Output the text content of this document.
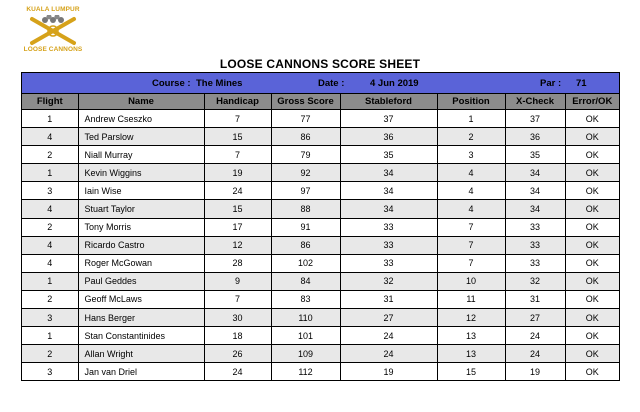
KUALA LUMPUR
LOOSE CANNONS
LOOSE CANNONS SCORE SHEET
Course : The Mines	Date :	4 Jun 2019	Par : 71
Flight	Name	Handicap	Gross Score	Stableford	Position	X-Check	Error/OK
1	Andrew Cseszko	7	77	37	1	37	OK
4	Ted Parslow	15	86	36	2	36	OK
2	Niall Murray	7	79	35	3	35	OK
1	Kevin Wiggins	19	92	34	4	34	OK
3	Iain Wise	24	97	34	4	34	OK
4	Stuart Taylor	15	88	34	4	34	OK
2	Tony Morris	17	91	33	7	33	OK
4	Ricardo Castro	12	86	33	7	33	OK
4	Roger McGowan	28	102	33	7	33	OK
1	Paul Geddes	9	84	32	10	32	OK
2	Geoff McLaws	7	83	31	11	31	OK
3	Hans Berger	30	110	27	12	27	OK
1	Stan Constantinides	18	101	24	13	24	OK
2	Allan Wright	26	109	24	13	24	OK
3	Jan van Driel	24	112	19	15	19	OK
